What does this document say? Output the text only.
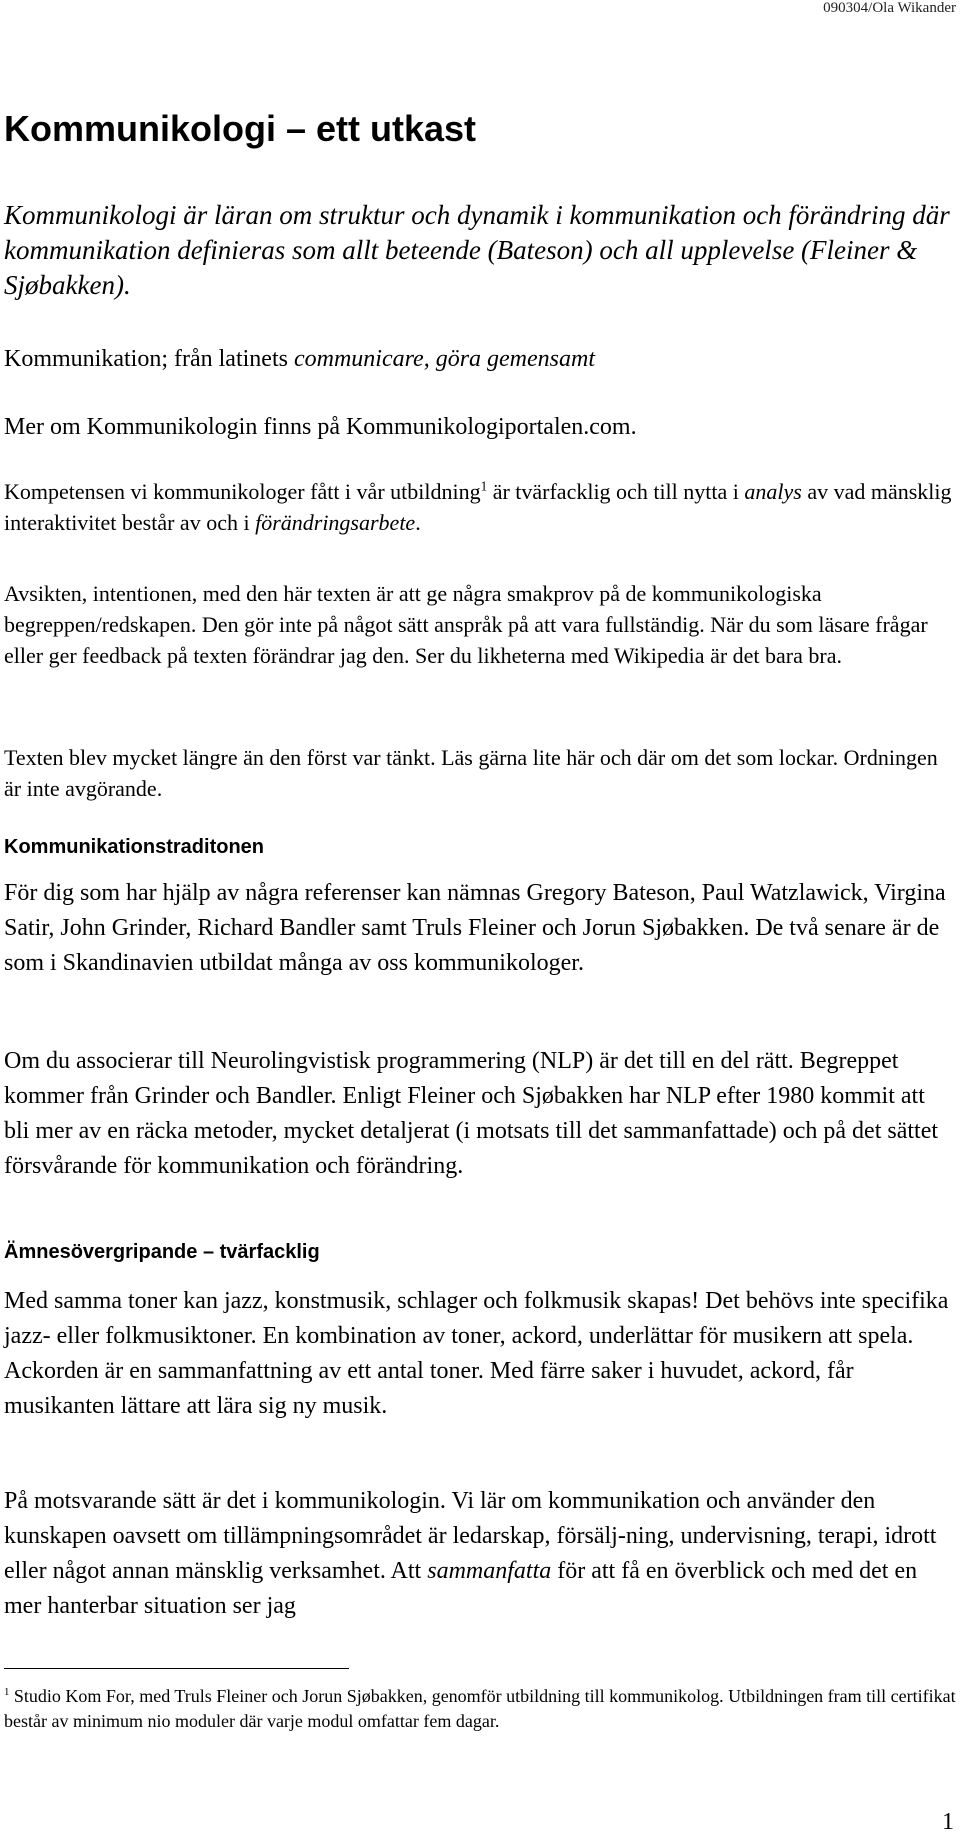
090304/Ola Wikander
Kommunikologi – ett utkast

Kommunikologi är läran om struktur och dynamik i kommunikation och förändring där kommunikation definieras som allt beteende (Bateson) och all upplevelse (Fleiner & Sjøbakken).

Kommunikation; från latinets communicare, göra gemensamt

Mer om Kommunikologin finns på Kommunikologiportalen.com.

Kompetensen vi kommunikologer fått i vår utbildning$^1$ är tvärfacklig och till nytta i analys av vad mänsklig interaktivitet består av och i förändringsarbete.

Avsikten, intentionen, med den här texten är att ge några smakprov på de kommunikologiska begreppen/redskapen. Den gör inte på något sätt anspråk på att vara fullständig. När du som läsare frågar eller ger feedback på texten förändrar jag den. Ser du likheterna med Wikipedia är det bara bra.

Texten blev mycket längre än den först var tänkt. Läs gärna lite här och där om det som lockar. Ordningen är inte avgörande.

Kommunikationstraditonen

För dig som har hjälp av några referenser kan nämnas Gregory Bateson, Paul Watzlawick, Virgina Satir, John Grinder, Richard Bandler samt Truls Fleiner och Jorun Sjøbakken. De två senare är de som i Skandinavien utbildat många av oss kommunikologer.

Om du associerar till Neurolingvistisk programmering (NLP) är det till en del rätt. Begreppet kommer från Grinder och Bandler. Enligt Fleiner och Sjøbakken har NLP efter 1980 kommit att bli mer av en räcka metoder, mycket detaljerat (i motsats till det sammanfattade) och på det sättet försvårande för kommunikation och förändring.

Ämnesövergripande – tvärfacklig

Med samma toner kan jazz, konstmusik, schlager och folkmusik skapas! Det behövs inte specifika jazz- eller folkmusiktoner. En kombination av toner, ackord, underlättar för musikern att spela. Ackorden är en sammanfattning av ett antal toner. Med färre saker i huvudet, ackord, får musikanten lättare att lära sig ny musik.

På motsvarande sätt är det i kommunikologin. Vi lär om kommunikation och använder den kunskapen oavsett om tillämpningsområdet är ledarskap, försälj-ning, undervisning, terapi, idrott eller något annan mänsklig verksamhet. Att sammanfatta för att få en överblick och med det en mer hanterbar situation ser jag

$^1$ Studio Kom For, med Truls Fleiner och Jorun Sjøbakken, genomför utbildning till kommunikolog. Utbildningen fram till certifikat består av minimum nio moduler där varje modul omfattar fem dagar.

1
